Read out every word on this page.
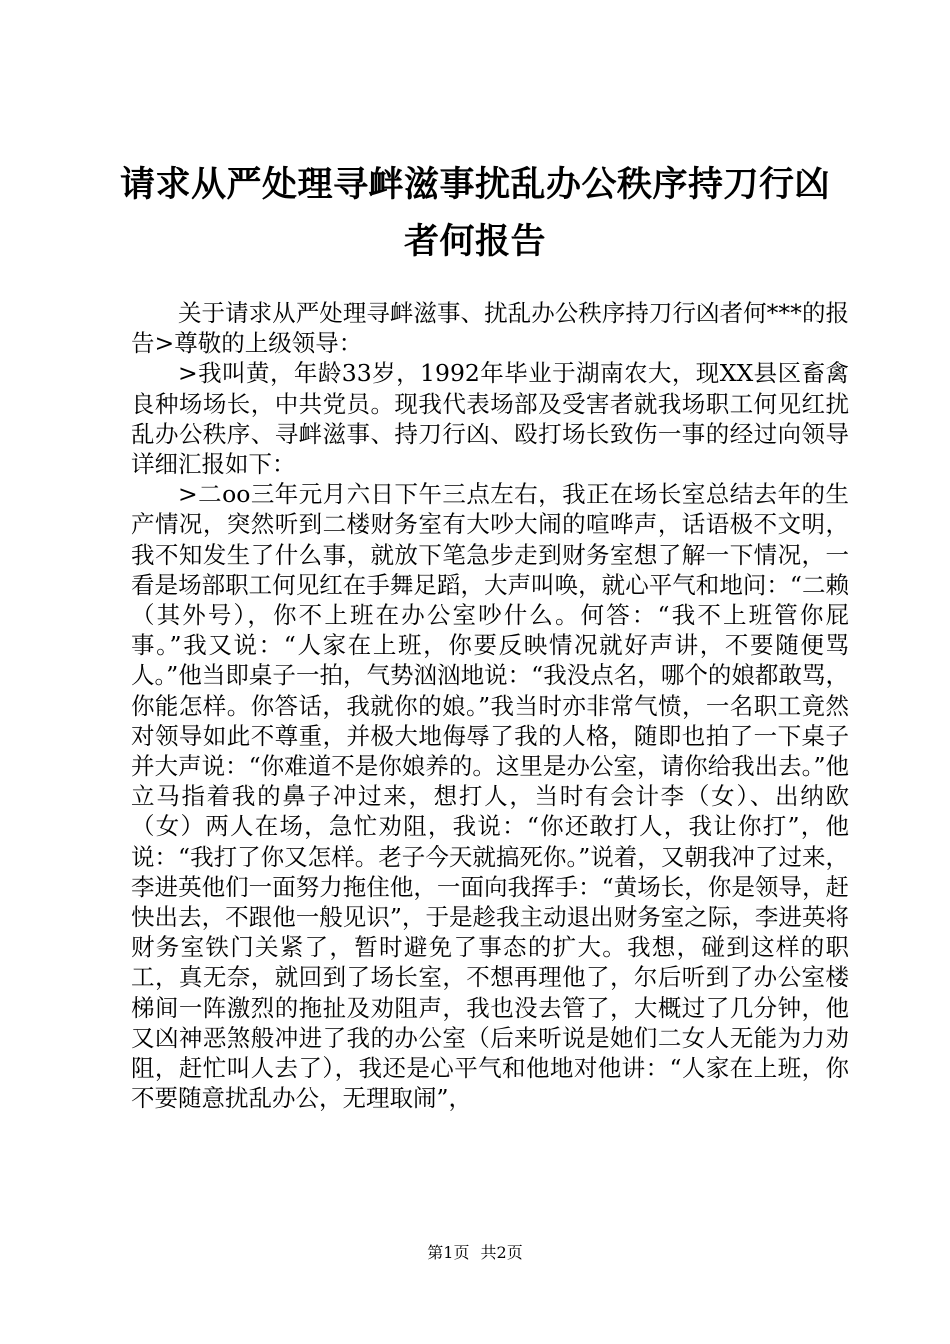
请求从严处理寻衅滋事扰乱办公秩序持刀行凶
者何报告

关于请求从严处理寻衅滋事、扰乱办公秩序持刀行凶者何***的报告>尊敬的上级领导：

>我叫黄，年龄33岁，1992年毕业于湖南农大，现XX县区畜禽良种场场长，中共党员。现我代表场部及受害者就我场职工何见红扰乱办公秩序、寻衅滋事、持刀行凶、殴打场长致伤一事的经过向领导详细汇报如下：

>二oo三年元月六日下午三点左右，我正在场长室总结去年的生产情况，突然听到二楼财务室有大吵大闹的喧哗声，话语极不文明，我不知发生了什么事，就放下笔急步走到财务室想了解一下情况，一看是场部职工何见红在手舞足蹈，大声叫唤，就心平气和地问：“二赖（其外号），你不上班在办公室吵什么。何答：“我不上班管你屁事。”我又说：“人家在上班，你要反映情况就好声讲，不要随便骂人。”他当即桌子一拍，气势汹汹地说：“我没点名，哪个的娘都敢骂，你能怎样。你答话，我就你的娘。”我当时亦非常气愤，一名职工竟然对领导如此不尊重，并极大地侮辱了我的人格，随即也拍了一下桌子并大声说：“你难道不是你娘养的。这里是办公室，请你给我出去。”他立马指着我的鼻子冲过来，想打人，当时有会计李（女）、出纳欧（女）两人在场，急忙劝阻，我说：“你还敢打人，我让你打”，他说：“我打了你又怎样。老子今天就搞死你。”说着，又朝我冲了过来，李进英他们一面努力拖住他，一面向我挥手：“黄场长，你是领导，赶快出去，不跟他一般见识”，于是趁我主动退出财务室之际，李进英将财务室铁门关紧了，暂时避免了事态的扩大。我想，碰到这样的职工，真无奈，就回到了场长室，不想再理他了，尔后听到了办公室楼梯间一阵激烈的拖扯及劝阻声，我也没去管了，大概过了几分钟，他又凶神恶煞般冲进了我的办公室（后来听说是她们二女人无能为力劝阻，赶忙叫人去了），我还是心平气和他地对他讲：“人家在上班，你不要随意扰乱办公，无理取闹”，

第1页 共2页
